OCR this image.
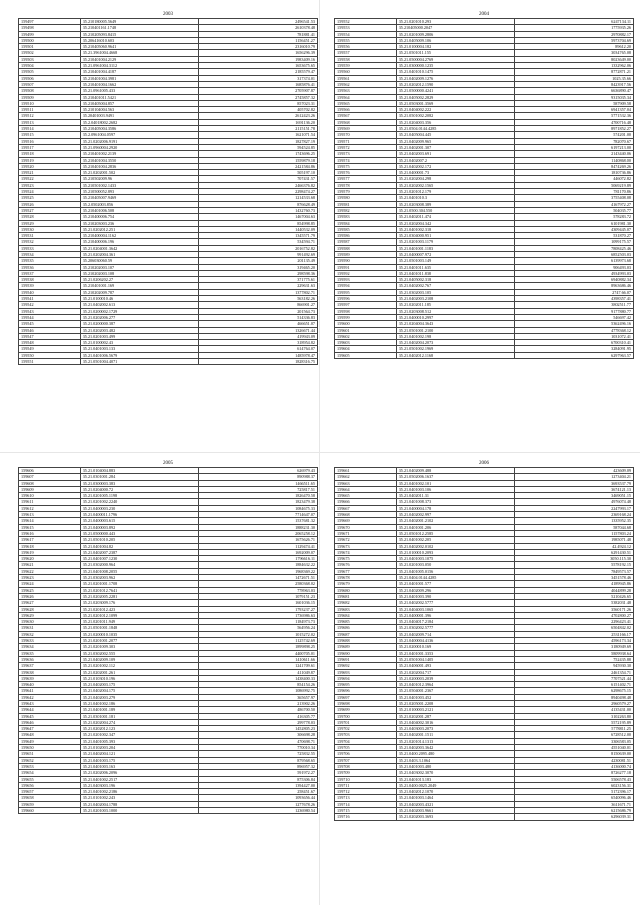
2003
159497	35.210180005.5649	2496541.53
159498	35.210401161.1748	2610378.48
159499	35.210205093.8415	781881.41
159500	35.206416010.603	1156451.27
159501	35.210405060.9641	2316010.79
159502	35.21.3961004.4668	1656296.39
159503	35.210401004.2129	1983409.16
159504	35.21.0961004.3112	1653675.65
159505	35.210401004.4187	2185579.47
159506	35.210401004.3981	317374.01
159507	35.210401004.1662	1685876.41
159508	35.21.0961005.433	2705907.87
159509	35.210401011.5421	2745857.32
159510	35.210405004.857	857023.31
159511	35.210104004.563	405702.82
159512	35.20401003.9491	2612423.26
159513	35.2.04018002.2682	1691136.20
159514	35.210405004.3586	2115151.78
159515	35.2.0961004.0597	1621071.54
159516	35.21.0202006.9191	1827827.19
159517	35.21.0960004.2920	594524.85
159518	35.210401002.2139	1743696.25
159519	35.210401004.3550	1559879.18
159520	35.210401004.2836	2421584.86
159521	35.21.0202001.502	505197.10
159522	35.210502009.96	707431.57
159523	35.210501002.1433	2466376.82
159524	35.210500052.893	2298474.27
159525	35.210405007.9469	1214533.68
159526	35.2.0502003.856	876628.49
159527	35.210401006.508	1432760.73
159528	35.210400006.754	1467004.63
159529	35.210203003.236	854998.85
159530	35.21.0202012.251	1440532.09
159531	35.210400004.1162	1345571.79
159532	35.210400006.196	534594.71
159533	35.21.0204001.3642	2016752.82
159534	35.21.0202004.361	991492.69
159535	35.206030060.59	201135.49
159536	35.210202003.107	319465.20
159537	35.210202003.108	298598.36
159538	35.21.0206202.27	371775.61
159539	35.210401001.169	229631.63
159540	35.210202009.787	1377802.71
159541	35.21.0100010.46	563182.26
159542	35.21.0402002.613	866901.27
159543	35.21.0200002.1729	201564.73
159544	35.21.0202006.277	514336.83
159545	35.21.0200000.387	466651.07
159546	35.21.0202003.482	1326671.44
159547	35.21.0201003.499	419943.09
159548	35.21.0100002.43	318954.82
159549	35.21.0401003.133	614764.07
159550	35.21.0401006.5679	1485978.47
159551	35.21.0501004.4071	1828316.75
2004
159552	35.21.0201010.293	6247134.11
159553	35.210405000.2047	1775935.26
159554	35.21.0201009.2806	2970882.17
159555	35.21.0405009.106	5973704.69
159556	35.21.0100004.182	89612.20
159557	35.21.0501011.155	3034765.08
159558	35.21.0500004.2769	8023649.00
159559	35.21.0300000.1235	1332962.06
159560	35.21.0401010.1475	8772871.21
159561	35.21.0402009.1276	1025.35.66
159562	35.21.0202012.1590	8423917.56
159563	35.21.0500000.4241	6636890.47
159564	35.21.0405002.2829	9315035.34
159565	35.21.0503001.3569	587909.58
159566	35.21.0404002.222	6941357.04
159567	35.21.0501002.2082	5771532.36
159568	35.21.0204003.356	4700716.48
159569	35.21.0504.0144.4285	8971852.27
159570	35.21.0405004.445	574201.00
159571	35.21.0402009.965	782070.67
159572	35.21.0402001.307	6197213.00
159573	35.21.0402003.691	2143440.06
159574	35.21.0402007.2	1140868.00
159575	35.21.0402002.172	8474269.26
159576	35.21.0400001.73	1810736.86
159577	35.21.0202004.298	446072.82
159578	35.21.0202002.1565	5069219.89
159579	35.21.0201012.179	781170.86
159580	35.21.0401010.3	3755408.08
159581	35.21.0203008.389	4167972.27
159582	35.21.0500.304.550	504035.77
159583	35.21.0402011.474	578283.72
159584	35.21.0202004.342	6101981.30
159585	35.21.0401002.318	4309445.07
159586	35.21.0304000.951	531870.27
159587	35.21.0201003.1179	1099175.57
159588	35.21.0401001.1183	7808425.46
159589	35.21.0400007.972	6852503.03
159590	35.21.0501003.149	6139973.68
159591	35.21.0401011.635	906493.03
159592	35.21.0401011.838	4934993.03
159593	35.21.0405002.318	6940882.34
159594	35.21.0402002.767	8963686.46
159595	35.21.0302003.105	2747.66.07
159596	35.21.0402003.2108	4398357.41
159597	35.21.0202011.185	3802511.77
159598	35.21.0203008.512	9177880.77
159599	35.21.0400010.2997	546697.42
159600	35.21.0204004.3643	5362496.16
159601	35.21.0501001.2100	4778368.12
159602	35.21.0401002.198	1031072.41
159603	35.21.0402004.2073	6700310.41
159604	35.21.0501002.1969	3284091.95
159605	35.21.0402012.1168	6297963.57
2005
159606	35.21.0104004.883	626979.43
159607	35.21.0301001.284	890988.37
159608	35.21.0300003.383	1466511.65
159609	35.21.0204000.72	725817.51
159610	35.21.0201005.1198	1826470.58
159611	35.21.0201002.2240	1823479.38
159612	35.21.0400003.230	1084675.33
159613	35.21.0400011.1796	7714647.07
159614	35.21.0400003.615	1537681.32
159615	35.21.0400003.892	1888231.30
159616	35.21.0500000.443	2065258.12
159617	35.21.0501010.205	1675626.71
159618	35.21.0401004.82	1129474.41
159619	35.21.0402007.2387	1692009.07
159620	35.21.0401007.1230	1796616.11
159621	35.21.0302000.964	1884632.22
159622	35.21.0401008.2055	1968369.22
159623	35.21.0302003.962	1472671.51
159624	35.21.0201001.1708	2580368.02
159625	35.21.0201012.7641	778963.03
159626	35.21.0202005.2281	1079151.23
159627	35.21.0203009.176	1601036.15
159628	35.21.0201012.423	1793237.27
159629	35.21.0201012.1099	1736986.63
159630	35.21.0201011.949	1184973.73
159631	35.21.0501001.1848	564956.24
159632	35.21.0200010.1035	1015272.02
159633	35.21.0201001.2077	1125742.69
159634	35.21.0201009.303	1899898.25
159635	35.21.0302002.555	4400705.01
159636	35.21.0402009.109	1410611.66
159637	35.21.0201002.112	1241709.61
159638	35.21.0202001.261	411049.87
159639	35.21.0103010.196	1438400.33
159640	35.21.0402003.175	854154.26
159641	35.21.0402004.175	1086992.75
159642	35.21.0402003.279	365657.97
159643	35.21.0401002.186	213902.26
159644	35.21.0401001.189	486700.50
159645	35.21.0301001.181	416305.77
159646	35.21.0202004.274	299778.03
159647	35.21.0202012.123	1452805.23
159648	35.21.0201002.347	306698.28
159649	35.21.0401005.393	470698.71
159650	35.21.0102003.204	770010.34
159651	35.21.0402004.121	725832.55
159652	35.21.0401003.175	879568.65
159653	35.21.0401003.163	896957.32
159654	35.21.0202006.2096	591972.27
159655	35.21.0401002.2517	875306.84
159656	35.21.0403003.196	1394427.00
159657	35.21.0401002.2186	258451.67
159658	35.21.0101002.243	1093656.44
159659	35.21.0402004.1788	1277678.26
159660	35.21.0201003.1000	1236980.54
2006
159661	35.21.0402009.488	423609.09
159662	35.21.0502006.1637	1273404.21
159663	35.21.0401002.101	3693537.79
159664	35.21.0401003.106	3674121.13
159665	35.21.0402011.31	3469051.15
159666	35.21.0401008.373	4976074.48
159667	35.21.0400004.178	2247993.17
159668	35.21.0402002.997	2369168.24
159669	35.21.0402001.2102	1335952.35
159670	35.21.0401001.206	587044.68
159671	35.21.0501012.2585	1157803.24
159672	35.21.0401002.205	1985071.48
159673	35.21.0402002.0102	42.4924.12
159674	35.21.0100010.2093	6291430.51
159675	35.21.0401003.1075	3050.115.30
159676	35.21.0201003.050	5578192.15
159677	35.21.0401005.0156	7849573.57
159678	35.21.0404.0144.4285	3451578.46
159679	35.21.0401001.577	4189945.86
159680	35.21.0402009.296	4044899.28
159681	35.21.0401003.390	5210426.65
159682	35.21.0402002.5777	5382031.48
159683	35.21.0404003.1065	3560171.26
159684	35.21.0400001.396	4702800.27
159685	35.21.0404017.2184	2296423.41
159686	35.21.0302002.5777	6504842.02
159687	35.21.0402009.714	2531166.17
159688	35.21.0400004.4136	4596173.34
159689	35.21.0200010.169	3180949.69
159690	35.21.0401001.3353	5809938.64
159691	35.21.0501004.1405	752435.88
159692	35.21.0406001.493	945930.30
159693	35.21.0202004.717	2461354.71
159694	35.21.0200003.2039	7707521.44
159695	35.21.0401012.3964	6151402.71
159696	35.21.0504001.2367	6298675.15
159697	35.21.0401003.452	8940498.48
159698	35.21.0205001.2208	2960579.27
159699	35.21.0100003.2121	4135431.00
159700	35.21.0202001.287	3102263.80
159701	35.21.0404002.3016	5572195.89
159702	35.21.0403003.2073	5778811.25
159703	35.21.0402001.1511	6728512.00
159704	35.21.0201014.1313	3306583.05
159705	35.21.0402003.3642	4551040.01
159706	35.21.0400.2095.480	8150639.00
159707	35.21.0403.3.1064	4230081.51
159708	35.21.0401003.480	4136000.74
159709	35.21.0403002.3070	8726277.18
159710	35.21.0401013.183	5506578.43
159711	35.21.0400.0025.2049	6023156.31
159712	35.21.0402012.1070	5172396.17
159713	35.21.0401003.1464	6540096.46
159714	35.21.0402003.4321	3611671.71
159715	35.21.0402003.9661	6215686.79
159716	35.21.0202003.3693	6296039.31
